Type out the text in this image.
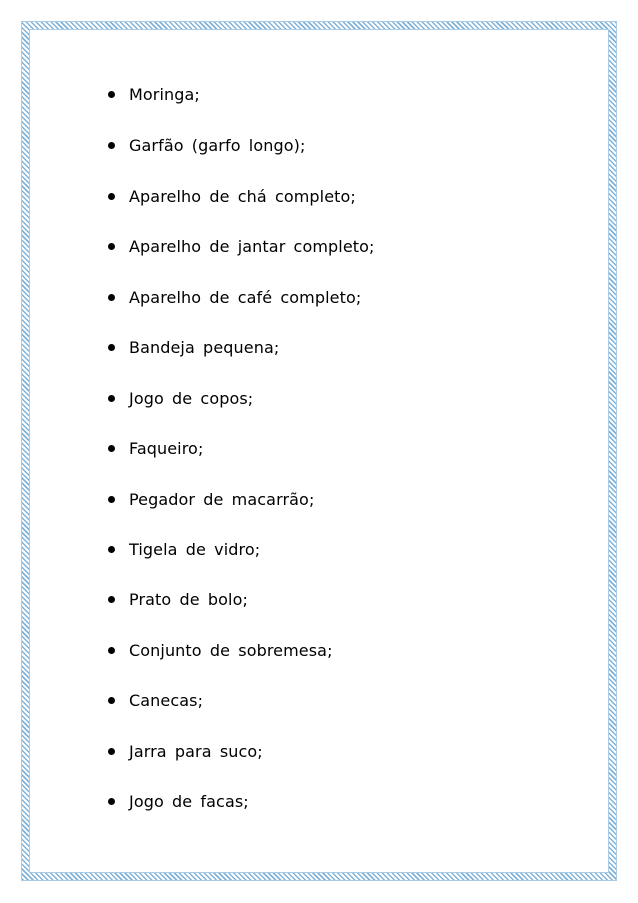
Moringa;
Garfão (garfo longo);
Aparelho de chá completo;
Aparelho de jantar completo;
Aparelho de café completo;
Bandeja pequena;
Jogo de copos;
Faqueiro;
Pegador de macarrão;
Tigela de vidro;
Prato de bolo;
Conjunto de sobremesa;
Canecas;
Jarra para suco;
Jogo de facas;
